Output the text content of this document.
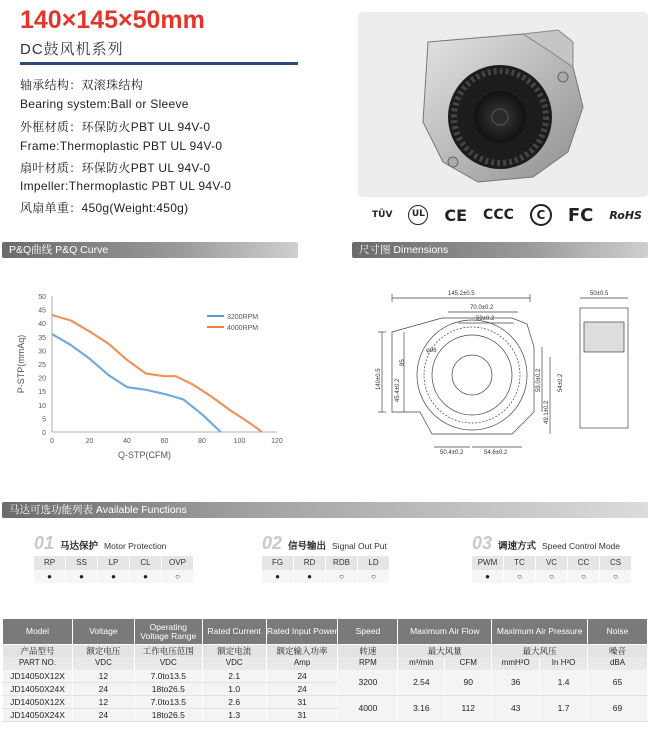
140×145×50mm
DC鼓风机系列
轴承结构：双滚珠结构
Bearing system:Ball or Sleeve
外框材质：环保防火PBT UL 94V-0
Frame:Thermoplastic PBT UL 94V-0
扇叶材质：环保防火PBT UL 94V-0
Impeller:Thermoplastic PBT UL 94V-0
风扇单重：450g(Weight:450g)	TÜV	UL CE CCC	C	FC RoHS
P&Q曲线 P&Q Curve	尺寸图 Dimensions
0
5
10
15
20
25
30
35
40
45
50
0	20	40	60	80	100	120
Q-STP(CFM)
P-STP(mmAq)
3200RPM
4000RPM
145.2±0.5
70.0±0.2
59±0.2
φ96
85
140±0.5 45.4±0.2	59.0±0.2
49.1±0.2
54±0.2
50.4±0.2	54.6±0.2
50±0.5
马达可选功能列表 Available Functions
01 马达保护 Motor Protection
RP	SS	LP	CL	OVP
●	●	●	●	○
02 信号输出 Signal Out Put
FG	RD	RDB	LD
●	●	○	○
03 调速方式 Speed Control Mode
PWM	TC	VC	CC	CS
●	○	○	○	○
Model	Voltage	Operating Voltage Range	Rated Current	Rated Input Power	Speed	Maximum Air Flow		Maximum Air Pressure		Noise
产品型号	额定电压	工作电压范围	额定电流	额定输入功率	转速	最大风量		最大风压		噪音
PART NO.	VDC	VDC	VDC	Amp	RPM	m³/min	CFM	mmH²O	In H²O	dBA
JD14050X12X	12	7.0to13.5	2.1	24	3200	2.54	90	36	1.4	65
JD14050X24X	24	18to26.5	1.0	24						
JD14050X12X	12	7.0to13.5	2.6	31	4000	3.16	112	43	1.7	69
JD14050X24X	24	18to26.5	1.3	31						
